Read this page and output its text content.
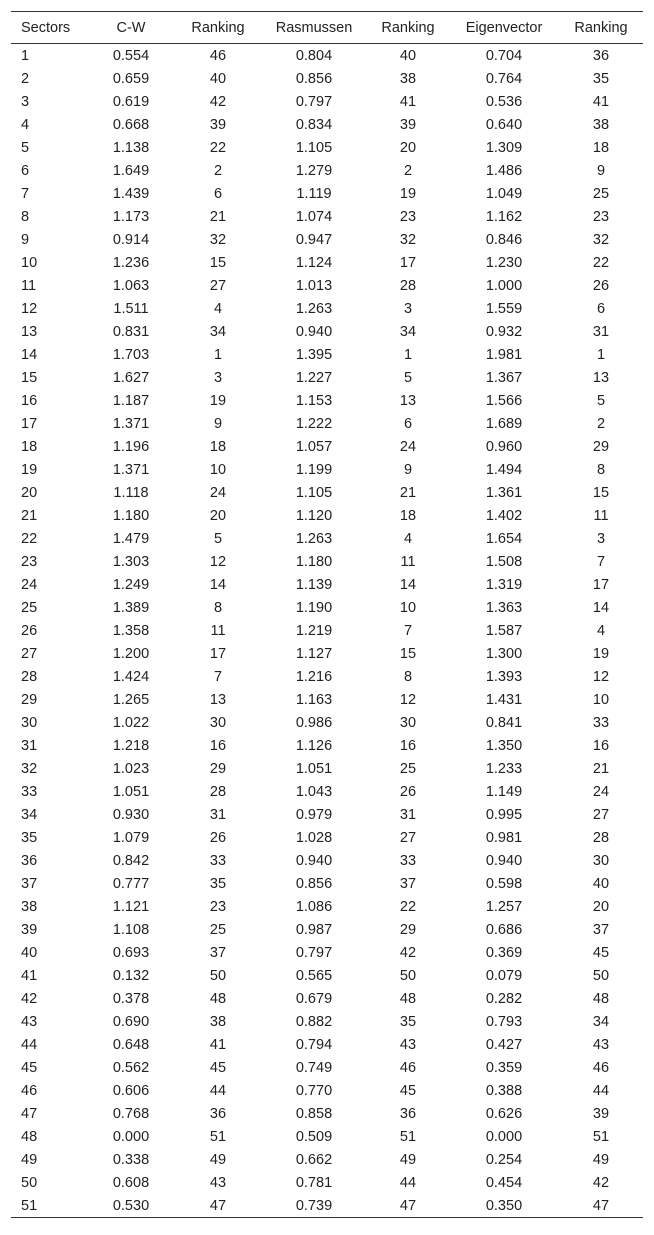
Sectors	C-W	Ranking	Rasmussen	Ranking	Eigenvector	Ranking
1	0.554	46	0.804	40	0.704	36
2	0.659	40	0.856	38	0.764	35
3	0.619	42	0.797	41	0.536	41
4	0.668	39	0.834	39	0.640	38
5	1.138	22	1.105	20	1.309	18
6	1.649	2	1.279	2	1.486	9
7	1.439	6	1.119	19	1.049	25
8	1.173	21	1.074	23	1.162	23
9	0.914	32	0.947	32	0.846	32
10	1.236	15	1.124	17	1.230	22
11	1.063	27	1.013	28	1.000	26
12	1.511	4	1.263	3	1.559	6
13	0.831	34	0.940	34	0.932	31
14	1.703	1	1.395	1	1.981	1
15	1.627	3	1.227	5	1.367	13
16	1.187	19	1.153	13	1.566	5
17	1.371	9	1.222	6	1.689	2
18	1.196	18	1.057	24	0.960	29
19	1.371	10	1.199	9	1.494	8
20	1.118	24	1.105	21	1.361	15
21	1.180	20	1.120	18	1.402	11
22	1.479	5	1.263	4	1.654	3
23	1.303	12	1.180	11	1.508	7
24	1.249	14	1.139	14	1.319	17
25	1.389	8	1.190	10	1.363	14
26	1.358	11	1.219	7	1.587	4
27	1.200	17	1.127	15	1.300	19
28	1.424	7	1.216	8	1.393	12
29	1.265	13	1.163	12	1.431	10
30	1.022	30	0.986	30	0.841	33
31	1.218	16	1.126	16	1.350	16
32	1.023	29	1.051	25	1.233	21
33	1.051	28	1.043	26	1.149	24
34	0.930	31	0.979	31	0.995	27
35	1.079	26	1.028	27	0.981	28
36	0.842	33	0.940	33	0.940	30
37	0.777	35	0.856	37	0.598	40
38	1.121	23	1.086	22	1.257	20
39	1.108	25	0.987	29	0.686	37
40	0.693	37	0.797	42	0.369	45
41	0.132	50	0.565	50	0.079	50
42	0.378	48	0.679	48	0.282	48
43	0.690	38	0.882	35	0.793	34
44	0.648	41	0.794	43	0.427	43
45	0.562	45	0.749	46	0.359	46
46	0.606	44	0.770	45	0.388	44
47	0.768	36	0.858	36	0.626	39
48	0.000	51	0.509	51	0.000	51
49	0.338	49	0.662	49	0.254	49
50	0.608	43	0.781	44	0.454	42
51	0.530	47	0.739	47	0.350	47
